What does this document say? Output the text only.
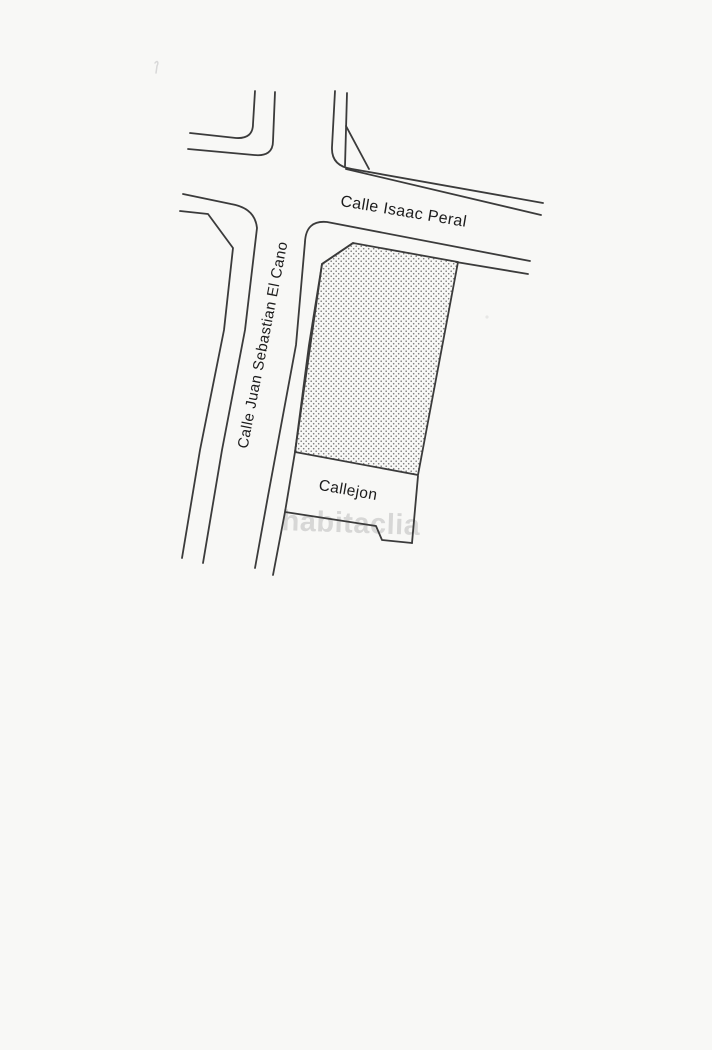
habitaclia
Calle Isaac Peral
Calle Juan Sebastian El Cano
Callejon
